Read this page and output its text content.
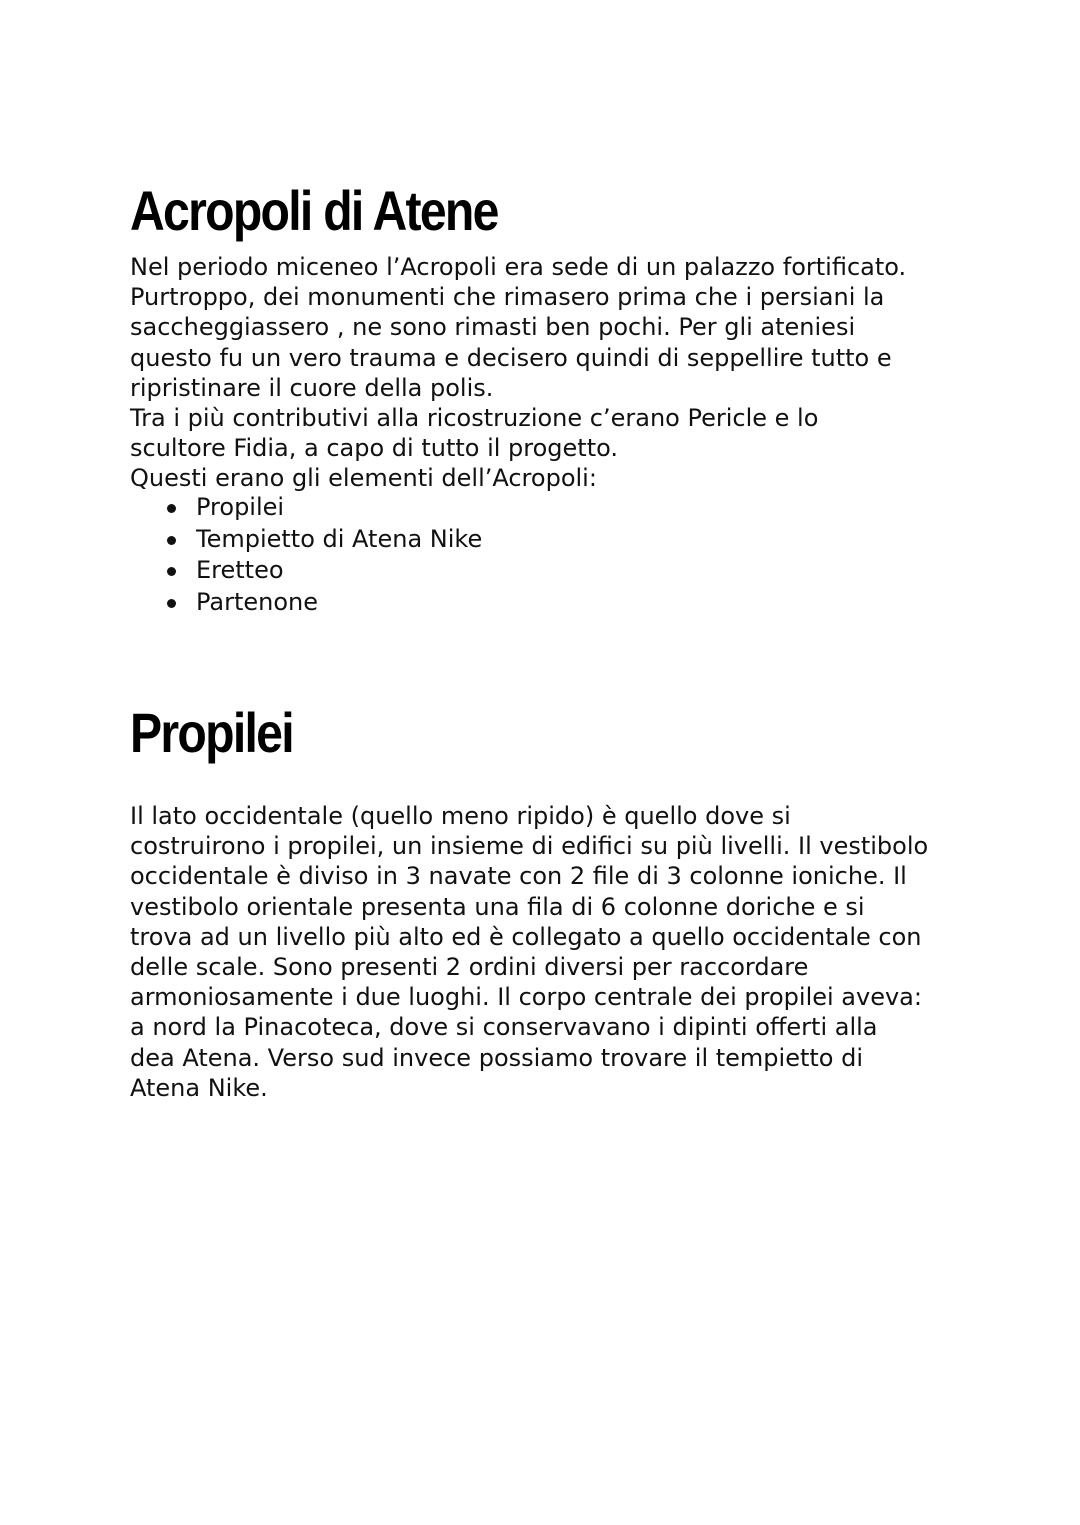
Acropoli di Atene

Nel periodo miceneo l’Acropoli era sede di un palazzo fortificato.
Purtroppo, dei monumenti che rimasero prima che i persiani la
saccheggiassero , ne sono rimasti ben pochi. Per gli ateniesi
questo fu un vero trauma e decisero quindi di seppellire tutto e
ripristinare il cuore della polis.
Tra i più contributivi alla ricostruzione c’erano Pericle e lo
scultore Fidia, a capo di tutto il progetto.
Questi erano gli elementi dell’Acropoli:

Propilei
Tempietto di Atena Nike
Eretteo
Partenone
Propilei

Il lato occidentale (quello meno ripido) è quello dove si
costruirono i propilei, un insieme di edifici su più livelli. Il vestibolo
occidentale è diviso in 3 navate con 2 file di 3 colonne ioniche. Il
vestibolo orientale presenta una fila di 6 colonne doriche e si
trova ad un livello più alto ed è collegato a quello occidentale con
delle scale. Sono presenti 2 ordini diversi per raccordare
armoniosamente i due luoghi. Il corpo centrale dei propilei aveva:
a nord la Pinacoteca, dove si conservavano i dipinti offerti alla
dea Atena. Verso sud invece possiamo trovare il tempietto di
Atena Nike.
